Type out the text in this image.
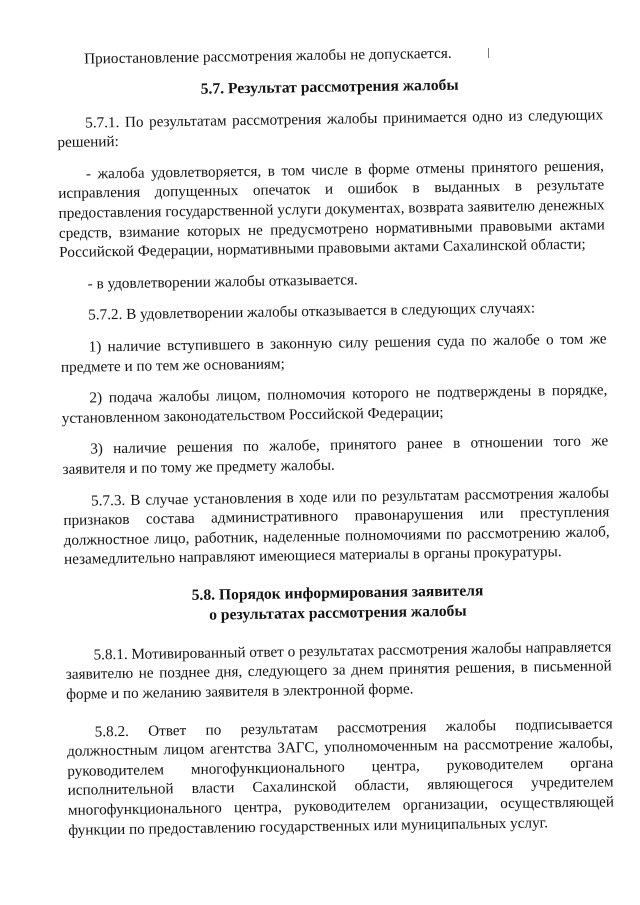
Приостановление рассмотрения жалобы не допускается.

5.7. Результат рассмотрения жалобы

5.7.1. По результатам рассмотрения жалобы принимается одно из следующих решений:

- жалоба удовлетворяется, в том числе в форме отмены принятого решения, исправления допущенных опечаток и ошибок в выданных в результате предоставления государственной услуги документах, возврата заявителю денежных средств, взимание которых не предусмотрено нормативными правовыми актами Российской Федерации, нормативными правовыми актами Сахалинской области;

- в удовлетворении жалобы отказывается.

5.7.2. В удовлетворении жалобы отказывается в следующих случаях:

1) наличие вступившего в законную силу решения суда по жалобе о том же предмете и по тем же основаниям;

2) подача жалобы лицом, полномочия которого не подтверждены в порядке, установленном законодательством Российской Федерации;

3) наличие решения по жалобе, принятого ранее в отношении того же заявителя и по тому же предмету жалобы.

5.7.3. В случае установления в ходе или по результатам рассмотрения жалобы признаков состава административного правонарушения или преступления должностное лицо, работник, наделенные полномочиями по рассмотрению жалоб, незамедлительно направляют имеющиеся материалы в органы прокуратуры.

5.8. Порядок информирования заявителя

о результатах рассмотрения жалобы

5.8.1. Мотивированный ответ о результатах рассмотрения жалобы направляется заявителю не позднее дня, следующего за днем принятия решения, в письменной форме и по желанию заявителя в электронной форме.

5.8.2. Ответ по результатам рассмотрения жалобы подписывается должностным лицом агентства ЗАГС, уполномоченным на рассмотрение жалобы, руководителем многофункционального центра, руководителем органа исполнительной власти Сахалинской области, являющегося учредителем многофункционального центра, руководителем организации, осуществляющей функции по предоставлению государственных или муниципальных услуг.
